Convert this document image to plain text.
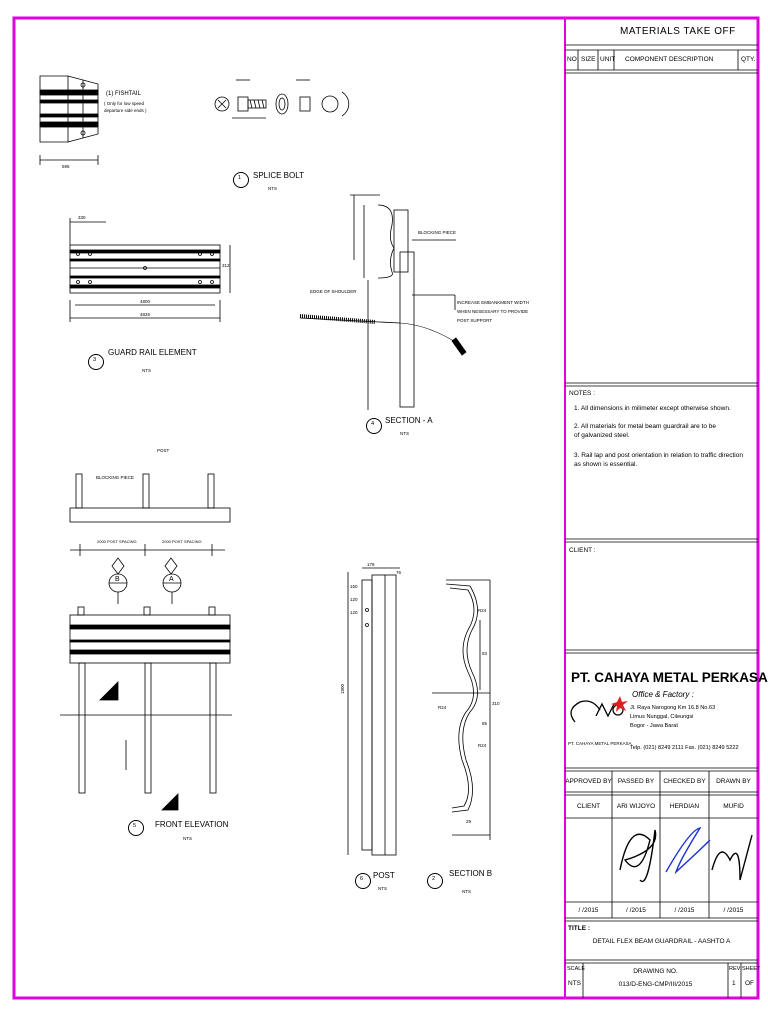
MATERIALS TAKE OFF
NO SIZE UNIT COMPONENT DESCRIPTION	QTY.
NOTES :
1. All dimensions in milimeter except otherwise shown.
2. All materials for metal beam guardrail are to be
of galvanized steel.
3. Rail lap and post orientation in relation to traffic direction
as shown is essential.
CLIENT :
PT. CAHAYA METAL PERKASA
Office & Factory :
Jl. Raya Narogong Km 16.8 No.63
Limus Nunggal, Cileungsi
Bogor - Jawa Barat
Telp. (021) 8249 2111 Fax. (021) 8249 5222
PT. CAHAYA METAL PERKASA
APPROVED BY PASSED BY	CHECKED BY	DRAWN BY
CLIENT	ARI WIJOYO	HERDIAN	MUFID
/ /2015	/ /2015	/ /2015	/ /2015
TITLE :
DETAIL FLEX BEAM GUARDRAIL - AASHTO A
SCALE
NTS
DRAWING NO.
013/D-ENG-CMP/III/2015
REV
1
SHEET
OF
(1) FISHTAIL
( Only for low speed
departure side ends )
595
1 SPLICE BOLT
NTS
3
GUARD RAIL ELEMENT
NTS
4800
4826
330
312
4 SECTION - A
NTS
BLOCKING PIECE
EDGE OF SHOULDER
INCREASE EMBANKMENT WIDTH
WHEN NESESSARY TO PROVIDE
POST SUPPORT
POST
BLOCKING PIECE
2000 POST SPACING	2000 POST SPACING
B	A
5 FRONT ELEVATION
NTS
6 POST
NTS
1800
178
150
120
120
76
2
SECTION B
NTS
R24
R24
R24
83
85
29
310
